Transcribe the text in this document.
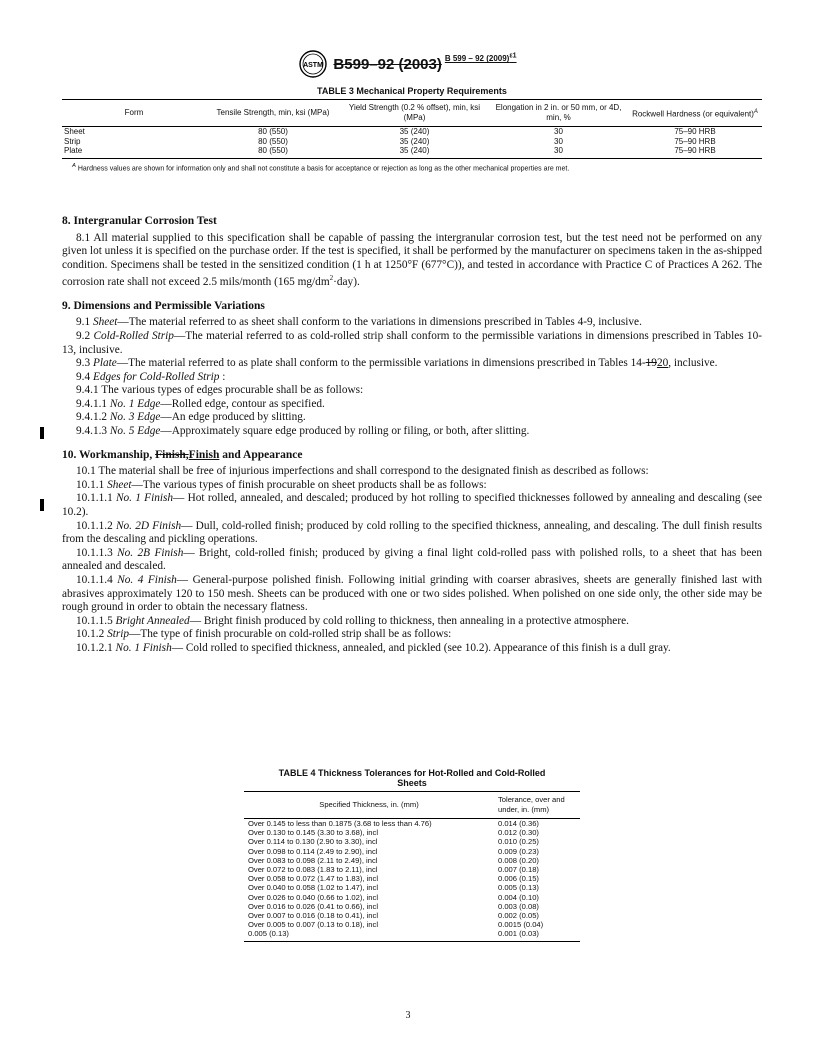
ASTM B599–92 (2003) $^{B 599 - 92 (2009)^{\varepsilon 1}}$
TABLE 3 Mechanical Property Requirements
Form	Tensile Strength, min, ksi (MPa)	Yield Strength (0.2 % offset), min, ksi (MPa)	Elongation in 2 in. or 50 mm, or 4D, min, %	Rockwell Hardness (or equivalent)$^A$
Sheet	80 (550)	35 (240)	30	75–90 HRB
Strip	80 (550)	35 (240)	30	75–90 HRB
Plate	80 (550)	35 (240)	30	75–90 HRB
$^A$ Hardness values are shown for information only and shall not constitute a basis for acceptance or rejection as long as the other mechanical properties are met.
8. Intergranular Corrosion Test

8.1 All material supplied to this specification shall be capable of passing the intergranular corrosion test, but the test need not be performed on any given lot unless it is specified on the purchase order. If the test is specified, it shall be performed by the manufacturer on specimens taken in the as-shipped condition. Specimens shall be tested in the sensitized condition (1 h at 1250°F (677°C)), and tested in accordance with Practice C of Practices A 262. The corrosion rate shall not exceed 2.5 mils/month (165 $mg/dm^2\cdot day$).

9. Dimensions and Permissible Variations

9.1 Sheet—The material referred to as sheet shall conform to the variations in dimensions prescribed in Tables 4-9, inclusive.

9.2 Cold-Rolled Strip—The material referred to as cold-rolled strip shall conform to the permissible variations in dimensions prescribed in Tables 10-13, inclusive.

9.3 Plate—The material referred to as plate shall conform to the permissible variations in dimensions prescribed in Tables 14-1920, inclusive.

9.4 Edges for Cold-Rolled Strip :

9.4.1 The various types of edges procurable shall be as follows:

9.4.1.1 No. 1 Edge—Rolled edge, contour as specified.

9.4.1.2 No. 3 Edge—An edge produced by slitting.

9.4.1.3 No. 5 Edge—Approximately square edge produced by rolling or filing, or both, after slitting.

10. Workmanship, Finish,Finish and Appearance

10.1 The material shall be free of injurious imperfections and shall correspond to the designated finish as described as follows:

10.1.1 Sheet—The various types of finish procurable on sheet products shall be as follows:

10.1.1.1 No. 1 Finish— Hot rolled, annealed, and descaled; produced by hot rolling to specified thicknesses followed by annealing and descaling (see 10.2).

10.1.1.2 No. 2D Finish— Dull, cold-rolled finish; produced by cold rolling to the specified thickness, annealing, and descaling. The dull finish results from the descaling and pickling operations.

10.1.1.3 No. 2B Finish— Bright, cold-rolled finish; produced by giving a final light cold-rolled pass with polished rolls, to a sheet that has been annealed and descaled.

10.1.1.4 No. 4 Finish— General-purpose polished finish. Following initial grinding with coarser abrasives, sheets are generally finished last with abrasives approximately 120 to 150 mesh. Sheets can be produced with one or two sides polished. When polished on one side only, the other side may be rough ground in order to obtain the necessary flatness.

10.1.1.5 Bright Annealed— Bright finish produced by cold rolling to thickness, then annealing in a protective atmosphere.

10.1.2 Strip—The type of finish procurable on cold-rolled strip shall be as follows:

10.1.2.1 No. 1 Finish— Cold rolled to specified thickness, annealed, and pickled (see 10.2). Appearance of this finish is a dull gray.

TABLE 4 Thickness Tolerances for Hot-Rolled and Cold-Rolled
Sheets
Specified Thickness, in. (mm)	Tolerance, over and under, in. (mm)
Over 0.145 to less than 0.1875 (3.68 to less than 4.76)	0.014 (0.36)
Over 0.130 to 0.145 (3.30 to 3.68), incl	0.012 (0.30)
Over 0.114 to 0.130 (2.90 to 3.30), incl	0.010 (0.25)
Over 0.098 to 0.114 (2.49 to 2.90), incl	0.009 (0.23)
Over 0.083 to 0.098 (2.11 to 2.49), incl	0.008 (0.20)
Over 0.072 to 0.083 (1.83 to 2.11), incl	0.007 (0.18)
Over 0.058 to 0.072 (1.47 to 1.83), incl	0.006 (0.15)
Over 0.040 to 0.058 (1.02 to 1.47), incl	0.005 (0.13)
Over 0.026 to 0.040 (0.66 to 1.02), incl	0.004 (0.10)
Over 0.016 to 0.026 (0.41 to 0.66), incl	0.003 (0.08)
Over 0.007 to 0.016 (0.18 to 0.41), incl	0.002 (0.05)
Over 0.005 to 0.007 (0.13 to 0.18), incl	0.0015 (0.04)
0.005 (0.13)	0.001 (0.03)
3
